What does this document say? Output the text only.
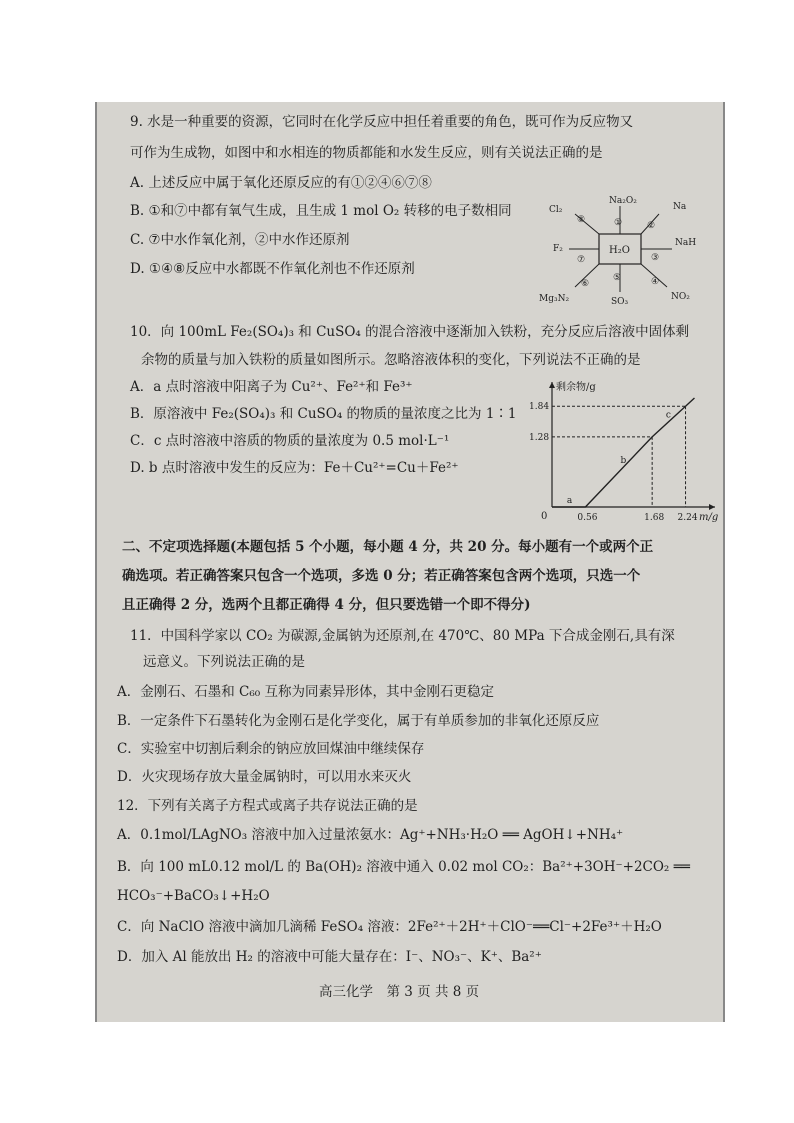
9. 水是一种重要的资源，它同时在化学反应中担任着重要的角色，既可作为反应物又
可作为生成物，如图中和水相连的物质都能和水发生反应，则有关说法正确的是
A. 上述反应中属于氧化还原反应的有①②④⑥⑦⑧
B. ①和⑦中都有氧气生成，且生成 1 mol O₂ 转移的电子数相同
C. ⑦中水作氧化剂，②中水作还原剂
D. ①④⑧反应中水都既不作氧化剂也不作还原剂
H₂O
Na₂O₂
①
Na
②
NaH
③
NO₂
④
SO₃
⑤
Mg₃N₂
⑥
F₂
⑦
Cl₂
⑧
10．向 100mL Fe₂(SO₄)₃ 和 CuSO₄ 的混合溶液中逐渐加入铁粉，充分反应后溶液中固体剩
余物的质量与加入铁粉的质量如图所示。忽略溶液体积的变化，下列说法不正确的是
A．a 点时溶液中阳离子为 Cu²⁺、Fe²⁺和 Fe³⁺
B．原溶液中 Fe₂(SO₄)₃ 和 CuSO₄ 的物质的量浓度之比为 1∶1
C．c 点时溶液中溶质的物质的量浓度为 0.5 mol·L⁻¹
D. b 点时溶液中发生的反应为：Fe＋Cu²⁺=Cu＋Fe²⁺
剩余物/g
m/g
0
1.28
1.84
0.56	1.68 2.24
a
b
c
二、不定项选择题(本题包括 5 个小题，每小题 4 分，共 20 分。每小题有一个或两个正
确选项。若正确答案只包含一个选项，多选 0 分；若正确答案包含两个选项，只选一个
且正确得 2 分，选两个且都正确得 4 分，但只要选错一个即不得分)
11．中国科学家以 CO₂ 为碳源,金属钠为还原剂,在 470℃、80 MPa 下合成金刚石,具有深
远意义。下列说法正确的是
A．金刚石、石墨和 C₆₀ 互称为同素异形体，其中金刚石更稳定
B．一定条件下石墨转化为金刚石是化学变化，属于有单质参加的非氧化还原反应
C．实验室中切割后剩余的钠应放回煤油中继续保存
D．火灾现场存放大量金属钠时，可以用水来灭火
12．下列有关离子方程式或离子共存说法正确的是
A．0.1mol/LAgNO₃ 溶液中加入过量浓氨水：Ag⁺+NH₃·H₂O ══ AgOH↓+NH₄⁺
B．向 100 mL0.12 mol/L 的 Ba(OH)₂ 溶液中通入 0.02 mol CO₂：Ba²⁺+3OH⁻+2CO₂ ══
HCO₃⁻+BaCO₃↓+H₂O
C．向 NaClO 溶液中滴加几滴稀 FeSO₄ 溶液：2Fe²⁺＋2H⁺＋ClO⁻══Cl⁻+2Fe³⁺＋H₂O
D．加入 Al 能放出 H₂ 的溶液中可能大量存在：I⁻、NO₃⁻、K⁺、Ba²⁺
高三化学　第 3 页 共 8 页
